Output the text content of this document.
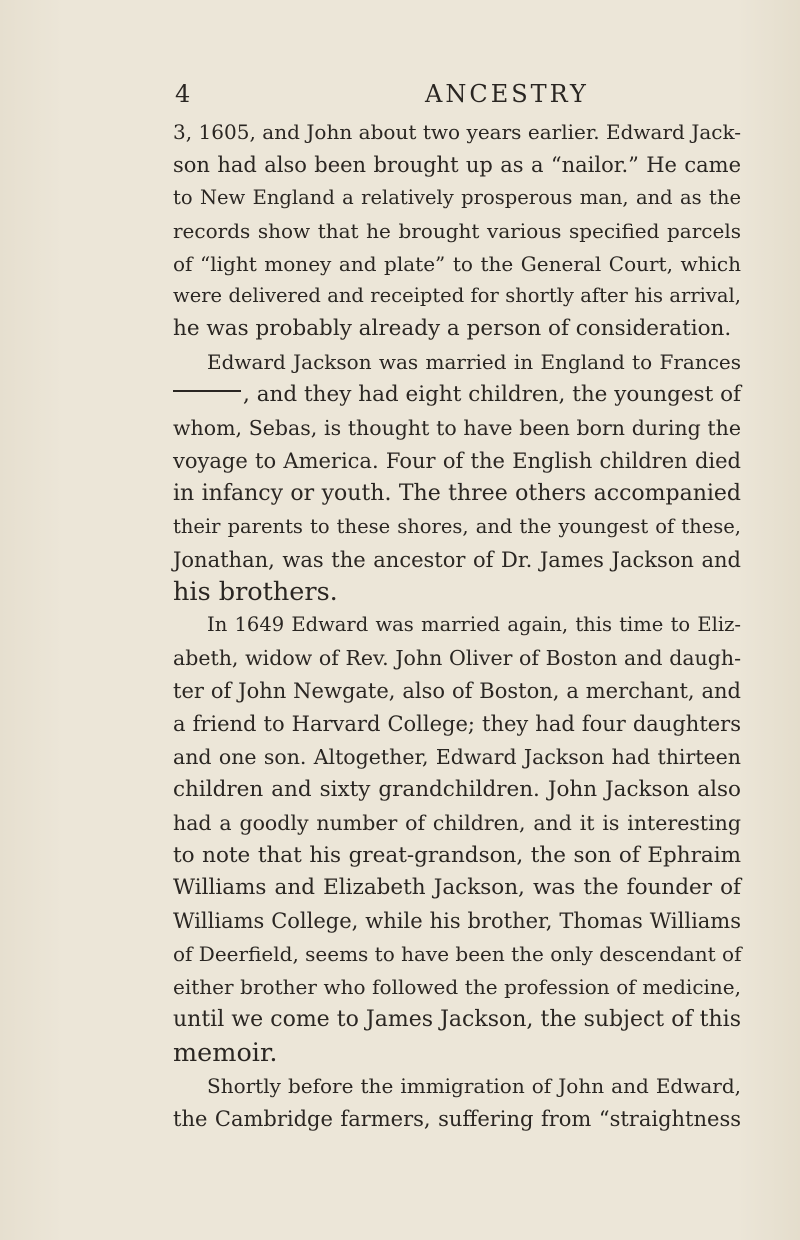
4	ANCESTRY
3, 1605, and John about two years earlier. Edward Jack-
son had also been brought up as a “nailor.” He came
to New England a relatively prosperous man, and as the
records show that he brought various specified parcels
of “light money and plate” to the General Court, which
were delivered and receipted for shortly after his arrival,
he was probably already a person of consideration.
Edward Jackson was married in England to Frances
, and they had eight children, the youngest of
whom, Sebas, is thought to have been born during the
voyage to America. Four of the English children died
in infancy or youth. The three others accompanied
their parents to these shores, and the youngest of these,
Jonathan, was the ancestor of Dr. James Jackson and
his brothers.
In 1649 Edward was married again, this time to Eliz-
abeth, widow of Rev. John Oliver of Boston and daugh-
ter of John Newgate, also of Boston, a merchant, and
a friend to Harvard College; they had four daughters
and one son. Altogether, Edward Jackson had thirteen
children and sixty grandchildren. John Jackson also
had a goodly number of children, and it is interesting
to note that his great-grandson, the son of Ephraim
Williams and Elizabeth Jackson, was the founder of
Williams College, while his brother, Thomas Williams
of Deerfield, seems to have been the only descendant of
either brother who followed the profession of medicine,
until we come to James Jackson, the subject of this
memoir.
Shortly before the immigration of John and Edward,
the Cambridge farmers, suffering from “straightness
